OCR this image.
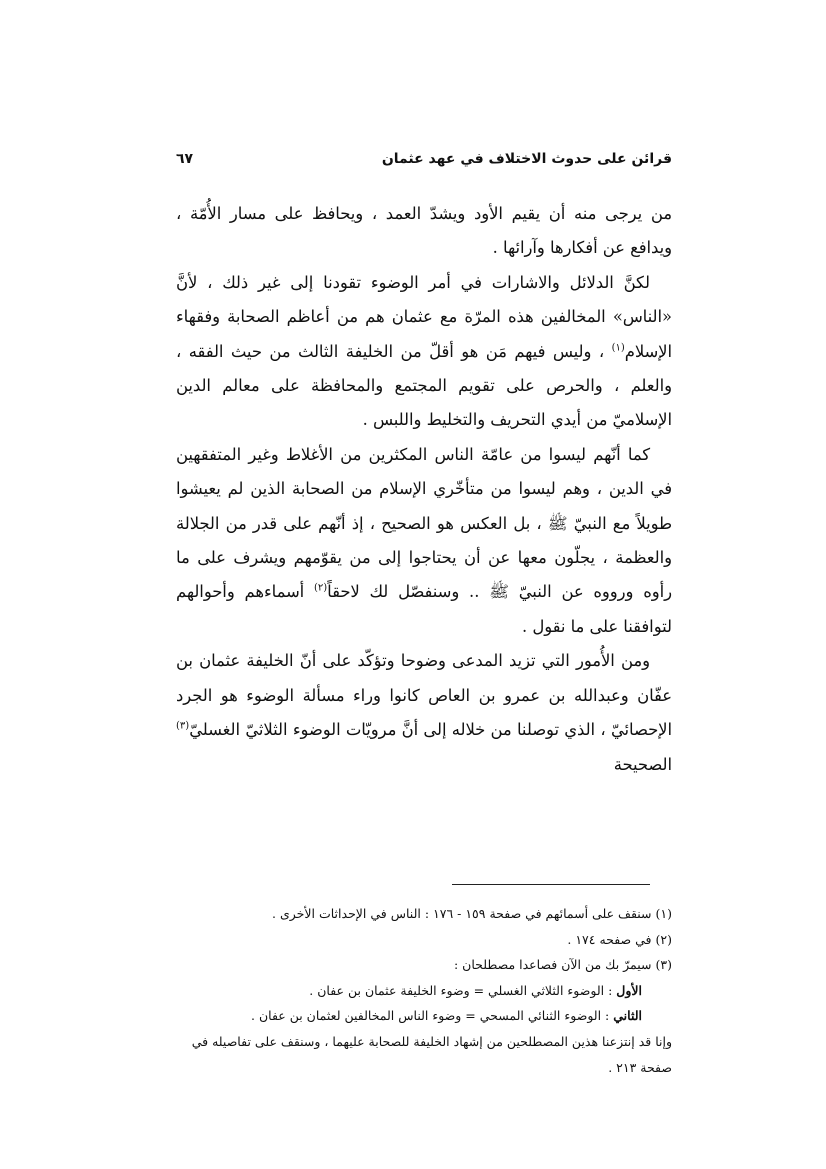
قرائن على حدوث الاختلاف في عهد عثمان
٦٧

من يرجى منه أن يقيم الأود ويشدّ العمد ، ويحافظ على مسار الأُمّة ، ويدافع عن أفكارها وآرائها .

لكنَّ الدلائل والاشارات في أمر الوضوء تقودنا إلى غير ذلك ، لأنَّ «الناس» المخالفين هذه المرّة مع عثمان هم من أعاظم الصحابة وفقهاء الإسلام$^{(١)}$ ، وليس فيهم مَن هو أقلّ من الخليفة الثالث من حيث الفقه ، والعلم ، والحرص على تقويم المجتمع والمحافظة على معالم الدين الإسلاميّ من أيدي التحريف والتخليط واللبس .

كما أنّهم ليسوا من عامّة الناس المكثرين من الأغلاط وغير المتفقهين في الدين ، وهم ليسوا من متأخّري الإسلام من الصحابة الذين لم يعيشوا طويلاً مع النبيّ ﷺ ، بل العكس هو الصحيح ، إذ أنّهم على قدر من الجلالة والعظمة ، يجلّون معها عن أن يحتاجوا إلى من يقوّمهم ويشرف على ما رأوه ورووه عن النبيّ ﷺ .. وسنفصّل لك لاحقاً$^{(٢)}$ أسماءهم وأحوالهم لتوافقنا على ما نقول .

ومن الأُمور التي تزيد المدعى وضوحا وتؤكّد على أنّ الخليفة عثمان بن عفّان وعبدالله بن عمرو بن العاص كانوا وراء مسألة الوضوء هو الجرد الإحصائيّ ، الذي توصلنا من خلاله إلى أنَّ مرويّات الوضوء الثلاثيّ الغسليّ$^{(٣)}$ الصحيحة

(١) سنقف على أسمائهم في صفحة ١٥٩ - ١٧٦ : الناس في الإحداثات الأخرى .

(٢) في صفحه ١٧٤ .

(٣) سيمرّ بك من الآن فصاعدا مصطلحان :

الأول : الوضوء الثلاثي الغسلي = وضوء الخليفة عثمان بن عفان .

الثاني : الوضوء الثنائي المسحي = وضوء الناس المخالفين لعثمان بن عفان .

وإنا قد إنتزعنا هذين المصطلحين من إشهاد الخليفة للصحابة عليهما ، وسنقف على تفاصيله في صفحة ٢١٣ .
